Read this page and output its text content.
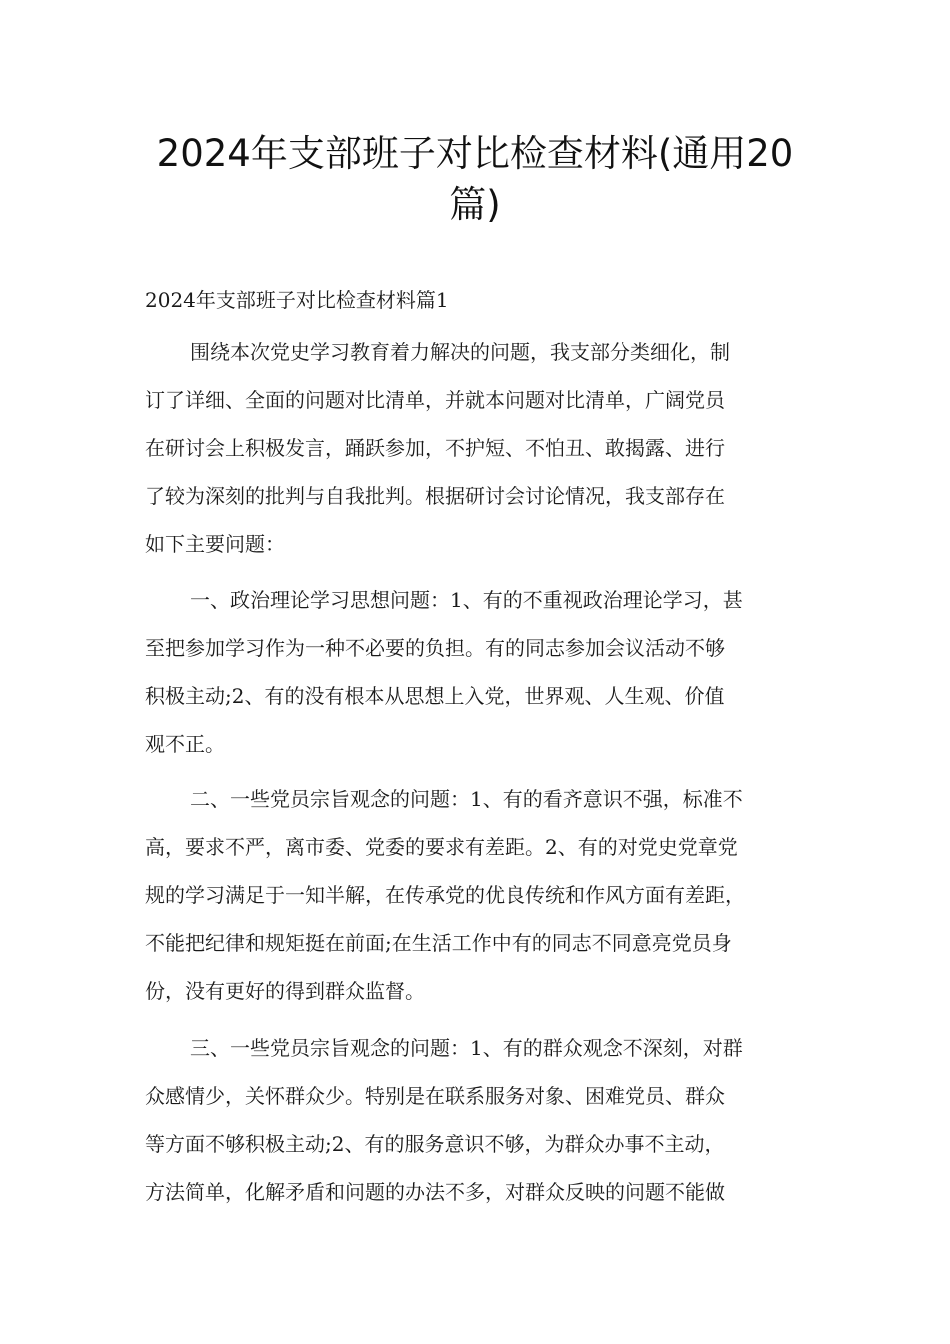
2024年支部班子对比检查材料(通用20
篇)

2024年支部班子对比检查材料篇1

围绕本次党史学习教育着力解决的问题，我支部分类细化，制
订了详细、全面的问题对比清单，并就本问题对比清单，广阔党员
在研讨会上积极发言，踊跃参加，不护短、不怕丑、敢揭露、进行
了较为深刻的批判与自我批判。根据研讨会讨论情况，我支部存在
如下主要问题：

一、政治理论学习思想问题：1、有的不重视政治理论学习，甚
至把参加学习作为一种不必要的负担。有的同志参加会议活动不够
积极主动;2、有的没有根本从思想上入党，世界观、人生观、价值
观不正。

二、一些党员宗旨观念的问题：1、有的看齐意识不强，标准不
高，要求不严，离市委、党委的要求有差距。2、有的对党史党章党
规的学习满足于一知半解，在传承党的优良传统和作风方面有差距，
不能把纪律和规矩挺在前面;在生活工作中有的同志不同意亮党员身
份，没有更好的得到群众监督。

三、一些党员宗旨观念的问题：1、有的群众观念不深刻，对群
众感情少，关怀群众少。特别是在联系服务对象、困难党员、群众
等方面不够积极主动;2、有的服务意识不够，为群众办事不主动，
方法简单，化解矛盾和问题的办法不多，对群众反映的问题不能做
